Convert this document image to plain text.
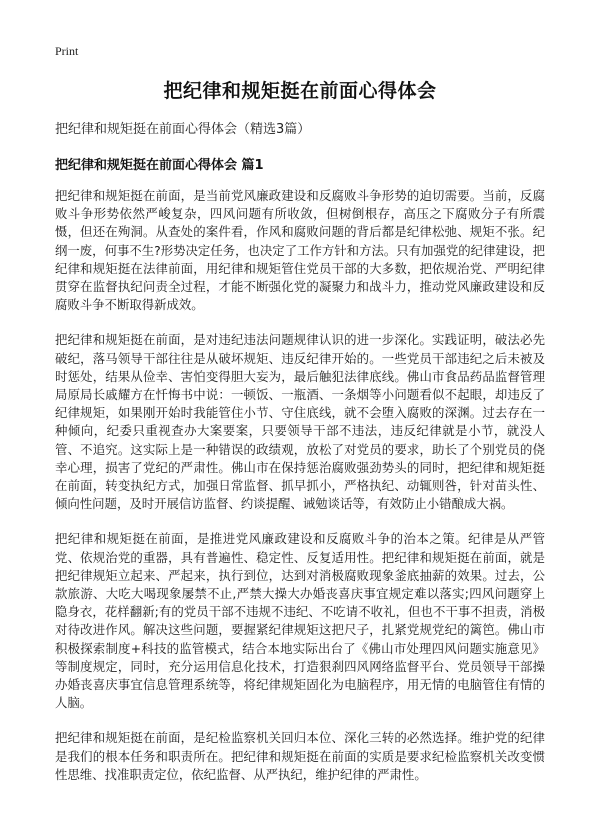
Print
把纪律和规矩挺在前面心得体会

把纪律和规矩挺在前面心得体会（精选3篇）

把纪律和规矩挺在前面心得体会 篇1

把纪律和规矩挺在前面，是当前党风廉政建设和反腐败斗争形势的迫切需要。当前，反腐败斗争形势依然严峻复杂，四风问题有所收敛，但树倒根存，高压之下腐败分子有所震慑，但还在殉洞。从查处的案件看，作风和腐败问题的背后都是纪律松弛、规矩不张。纪纲一废，何事不生?形势决定任务，也决定了工作方针和方法。只有加强党的纪律建设，把纪律和规矩挺在法律前面，用纪律和规矩管住党员干部的大多数，把依规治党、严明纪律贯穿在监督执纪问责全过程，才能不断强化党的凝聚力和战斗力，推动党风廉政建设和反腐败斗争不断取得新成效。

把纪律和规矩挺在前面，是对违纪违法问题规律认识的进一步深化。实践证明，破法必先破纪，落马领导干部往往是从破坏规矩、违反纪律开始的。一些党员干部违纪之后未被及时惩处，结果从俭幸、害怕变得胆大妄为，最后触犯法律底线。佛山市食品药品监督管理局原局长戚耀方在忏悔书中说：一顿饭、一瓶酒、一条烟等小问题看似不起眼，却违反了纪律规矩，如果刚开始时我能管住小节、守住底线，就不会堕入腐败的深渊。过去存在一种倾向，纪委只重视查办大案要案，只要领导干部不违法，违反纪律就是小节，就没人管、不追究。这实际上是一种错误的政绩观，放松了对党员的要求，助长了个别党员的侥幸心理，损害了党纪的严肃性。佛山市在保持惩治腐败强劲势头的同时，把纪律和规矩挺在前面，转变执纪方式，加强日常监督、抓早抓小，严格执纪、动辄则咎，针对苗头性、倾向性问题，及时开展信访监督、约谈提醒、诫勉谈话等，有效防止小错酿成大祸。

把纪律和规矩挺在前面，是推进党风廉政建设和反腐败斗争的治本之策。纪律是从严管党、依规治党的重器，具有普遍性、稳定性、反复适用性。把纪律和规矩挺在前面，就是把纪律规矩立起来、严起来，执行到位，达到对消极腐败现象釜底抽薪的效果。过去，公款旅游、大吃大喝现象屡禁不止,严禁大操大办婚丧喜庆事宜规定难以落实;四风问题穿上隐身衣，花样翻新;有的党员干部不违规不违纪、不吃请不收礼，但也不干事不担责，消极对待改进作风。解决这些问题，要握紧纪律规矩这把尺子，扎紧党规党纪的篱笆。佛山市积极探索制度+科技的监管模式，结合本地实际出台了《佛山市处理四风问题实施意见》等制度规定，同时，充分运用信息化技术，打造狠刹四风网络监督平台、党员领导干部操办婚丧喜庆事宜信息管理系统等，将纪律规矩固化为电脑程序，用无情的电脑管住有情的人脑。

把纪律和规矩挺在前面，是纪检监察机关回归本位、深化三转的必然选择。维护党的纪律是我们的根本任务和职责所在。把纪律和规矩挺在前面的实质是要求纪检监察机关改变惯性思维、找准职责定位，依纪监督、从严执纪，维护纪律的严肃性。
